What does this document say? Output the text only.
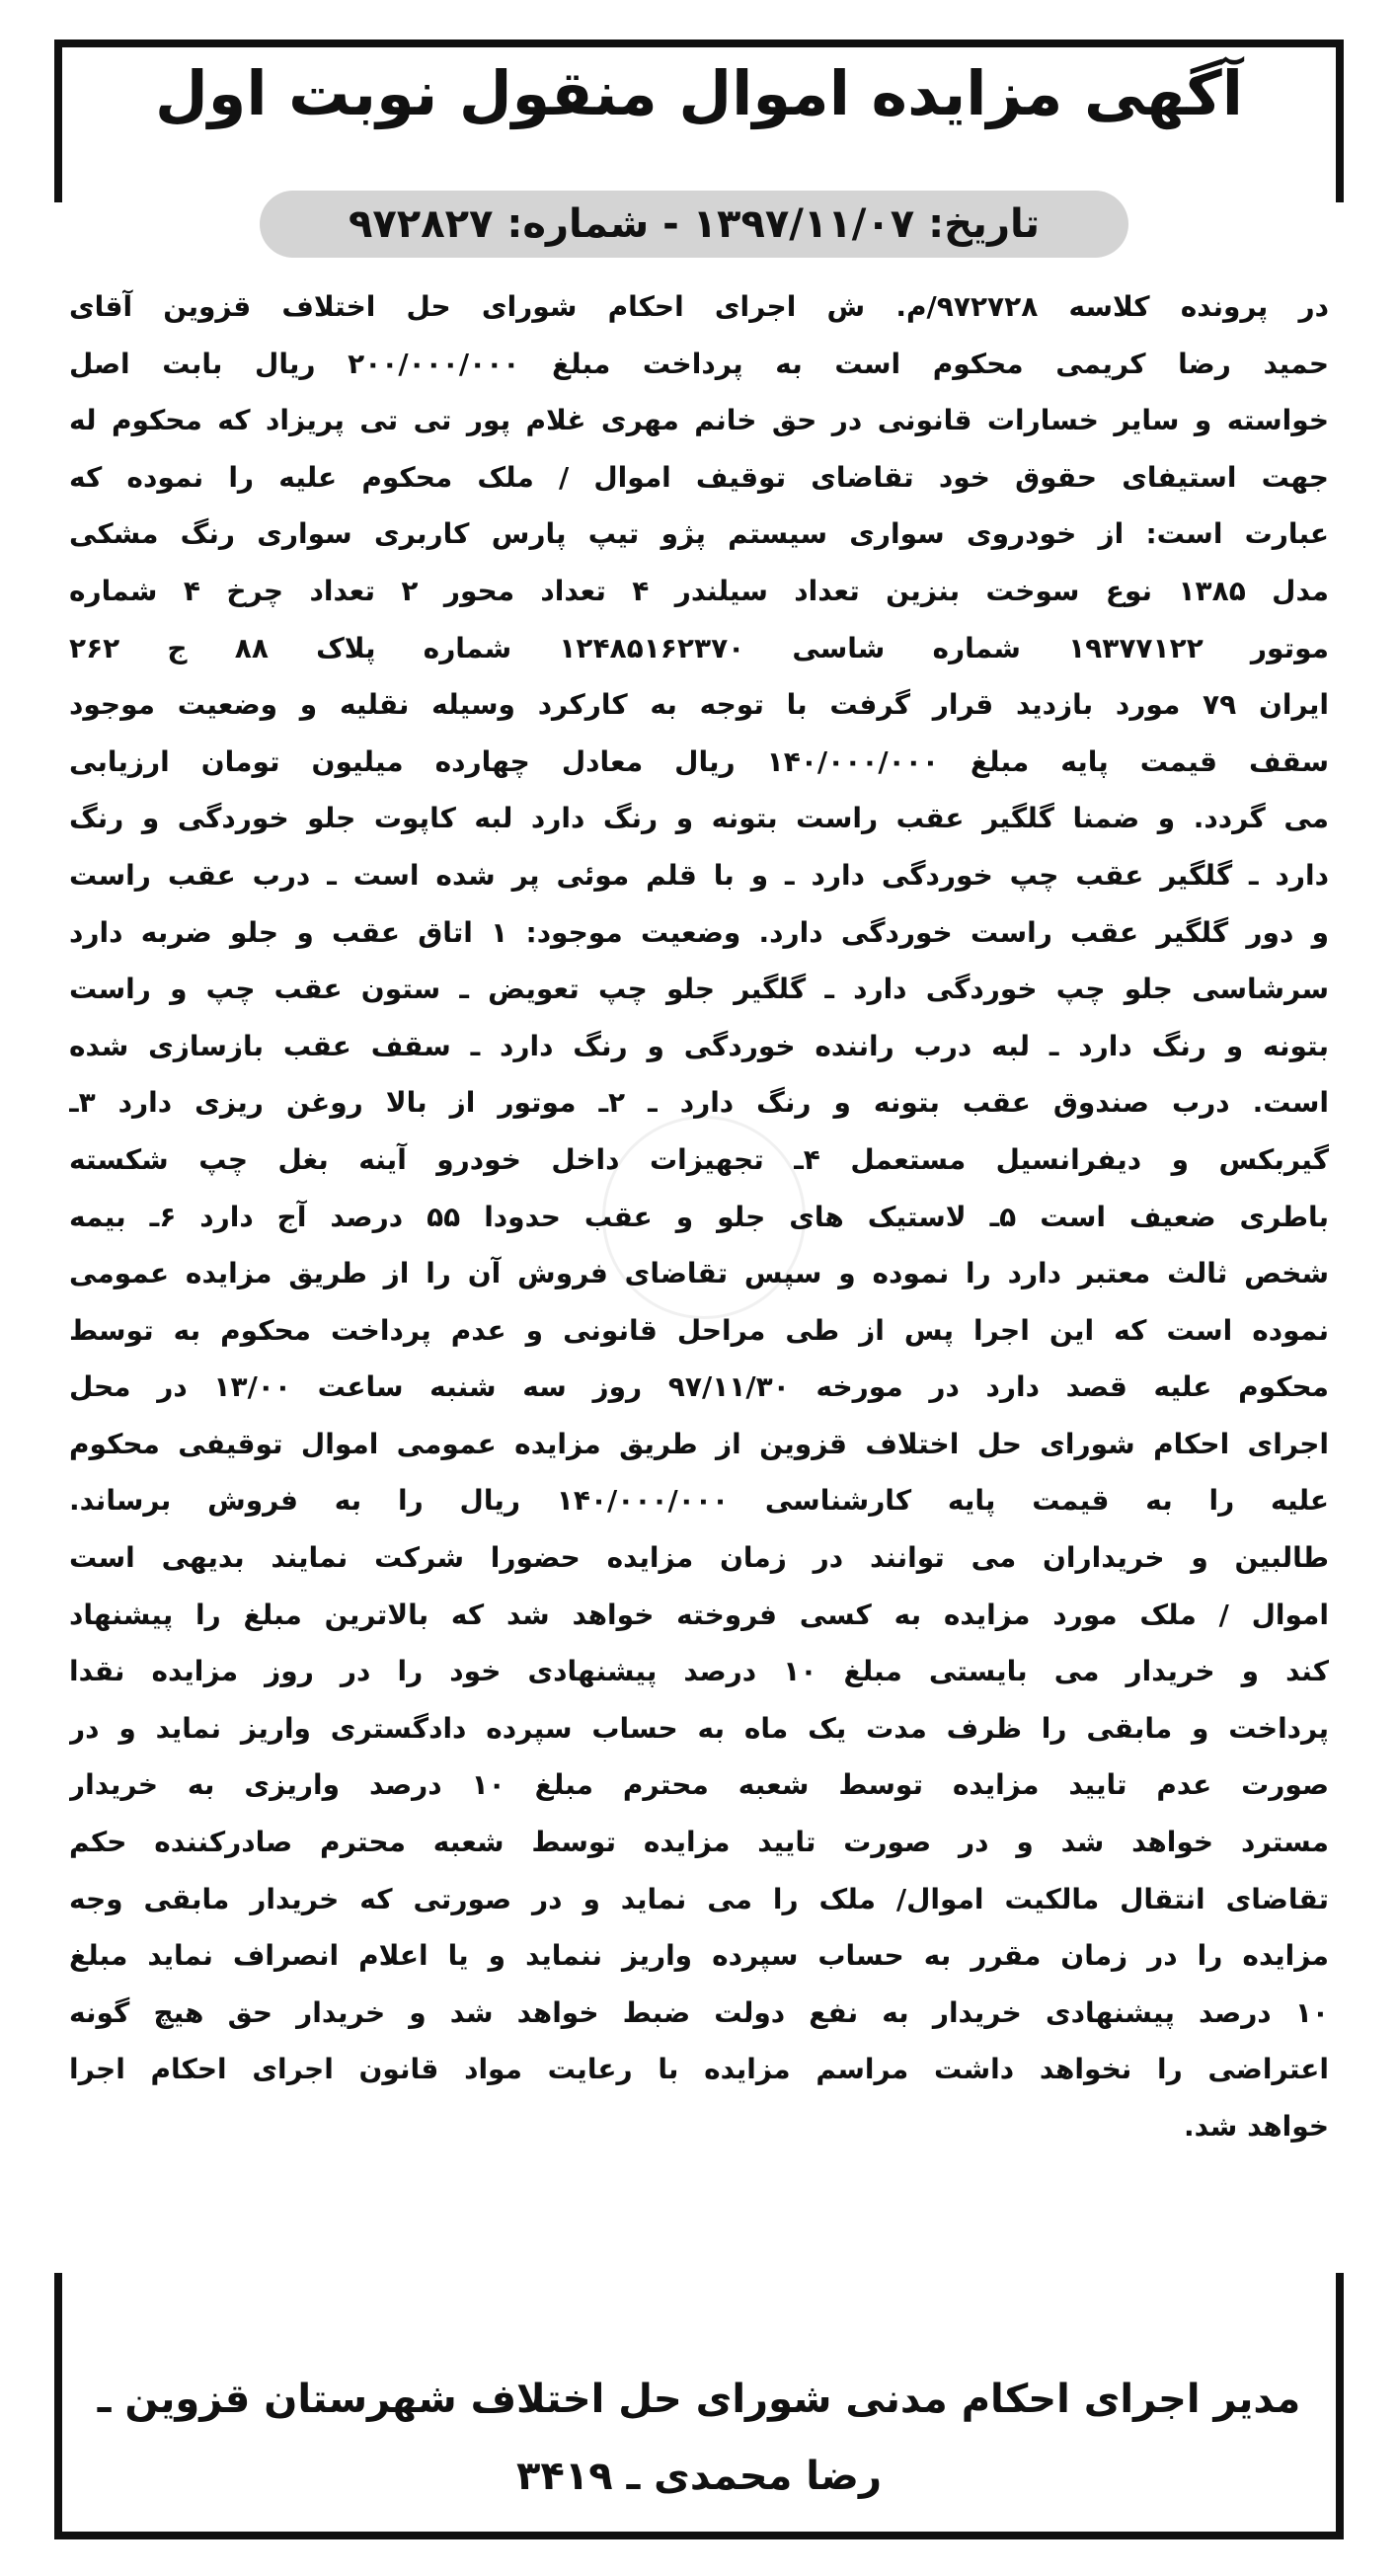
آگهی مزایده اموال منقول نوبت اول
تاریخ: ۱۳۹۷/۱۱/۰۷ - شماره: ۹۷۲۸۲۷
در پرونده کلاسه ۹۷۲۷۲۸/م. ش اجرای احکام شورای حل اختلاف قزوین آقای
حمید رضا کریمی محکوم است به پرداخت مبلغ ۲۰۰/۰۰۰/۰۰۰ ریال بابت اصل
خواسته و سایر خسارات قانونی در حق خانم مهری غلام پور تی تی پریزاد که محکوم له
جهت استیفای حقوق خود تقاضای توقیف اموال / ملک محکوم علیه را نموده که
عبارت است: از خودروی سواری سیستم پژو تیپ پارس کاربری سواری رنگ مشکی
مدل ۱۳۸۵ نوع سوخت بنزین تعداد سیلندر ۴ تعداد محور ۲ تعداد چرخ ۴ شماره
موتور ۱۹۳۷۷۱۲۲ شماره شاسی ۱۲۴۸۵۱۶۲۳۷۰ شماره پلاک ۸۸ ج ۲۶۲
ایران ۷۹ مورد بازدید قرار گرفت با توجه به کارکرد وسیله نقلیه و وضعیت موجود
سقف قیمت پایه مبلغ ۱۴۰/۰۰۰/۰۰۰ ریال معادل چهارده میلیون تومان ارزیابی
می گردد. و ضمنا گلگیر عقب راست بتونه و رنگ دارد لبه کاپوت جلو خوردگی و رنگ
دارد ـ گلگیر عقب چپ خوردگی دارد ـ و با قلم موئی پر شده است ـ درب عقب راست
و دور گلگیر عقب راست خوردگی دارد. وضعیت موجود: ۱ اتاق عقب و جلو ضربه دارد
سرشاسی جلو چپ خوردگی دارد ـ گلگیر جلو چپ تعویض ـ ستون عقب چپ و راست
بتونه و رنگ دارد ـ لبه درب راننده خوردگی و رنگ دارد ـ سقف عقب بازسازی شده
است. درب صندوق عقب بتونه و رنگ دارد ـ ۲ـ موتور از بالا روغن ریزی دارد ۳ـ
گیربکس و دیفرانسیل مستعمل ۴ـ تجهیزات داخل خودرو آینه بغل چپ شکسته
باطری ضعیف است ۵ـ لاستیک های جلو و عقب حدودا ۵۵ درصد آج دارد ۶ـ بیمه
شخص ثالث معتبر دارد را نموده و سپس تقاضای فروش آن را از طریق مزایده عمومی
نموده است که این اجرا پس از طی مراحل قانونی و عدم پرداخت محکوم به توسط
محکوم علیه قصد دارد در مورخه ۹۷/۱۱/۳۰ روز سه شنبه ساعت ۱۳/۰۰ در محل
اجرای احکام شورای حل اختلاف قزوین از طریق مزایده عمومی اموال توقیفی محکوم
علیه را به قیمت پایه کارشناسی ۱۴۰/۰۰۰/۰۰۰ ریال را به فروش برساند.
طالبین و خریداران می توانند در زمان مزایده حضورا شرکت نمایند بدیهی است
اموال / ملک مورد مزایده به کسی فروخته خواهد شد که بالاترین مبلغ را پیشنهاد
کند و خریدار می بایستی مبلغ ۱۰ درصد پیشنهادی خود را در روز مزایده نقدا
پرداخت و مابقی را ظرف مدت یک ماه به حساب سپرده دادگستری واریز نماید و در
صورت عدم تایید مزایده توسط شعبه محترم مبلغ ۱۰ درصد واریزی به خریدار
مسترد خواهد شد و در صورت تایید مزایده توسط شعبه محترم صادرکننده حکم
تقاضای انتقال مالکیت اموال/ ملک را می نماید و در صورتی که خریدار مابقی وجه
مزایده را در زمان مقرر به حساب سپرده واریز ننماید و یا اعلام انصراف نماید مبلغ
۱۰ درصد پیشنهادی خریدار به نفع دولت ضبط خواهد شد و خریدار حق هیچ گونه
اعتراضی را نخواهد داشت مراسم مزایده با رعایت مواد قانون اجرای احکام اجرا
خواهد شد.
مدیر اجرای احکام مدنی شورای حل اختلاف شهرستان قزوین ـ
رضا محمدی ـ ۳۴۱۹
